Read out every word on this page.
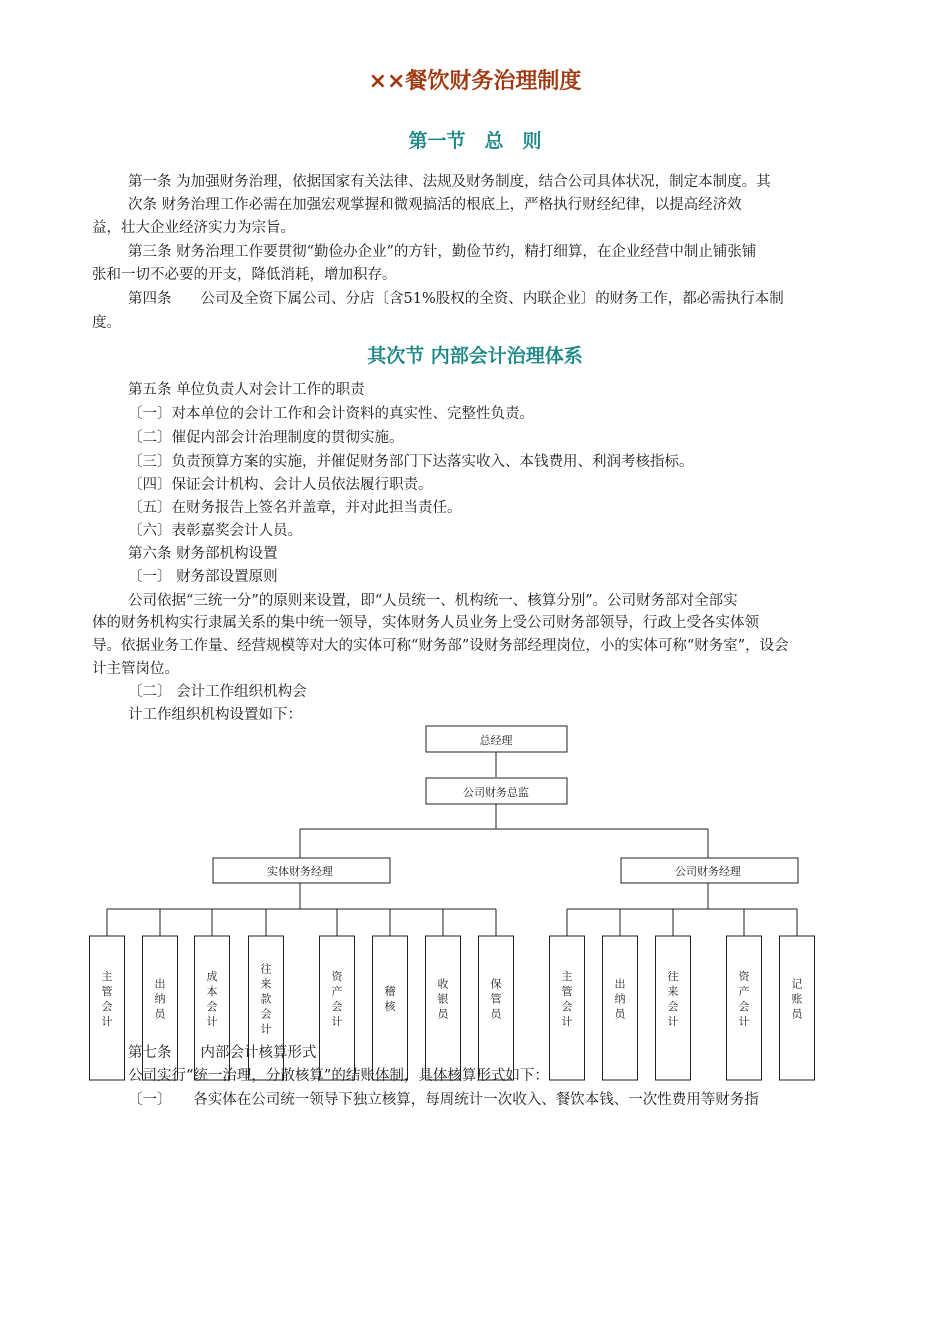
××餐饮财务治理制度
第一节　总　则

第一条 为加强财务治理，依据国家有关法律、法规及财务制度，结合公司具体状况，制定本制度。其

次条 财务治理工作必需在加强宏观掌握和微观搞活的根底上，严格执行财经纪律，以提高经济效

益，壮大企业经济实力为宗旨。

第三条 财务治理工作要贯彻“勤俭办企业”的方针，勤俭节约，精打细算，在企业经营中制止铺张铺

张和一切不必要的开支，降低消耗，增加积存。

第四条　　公司及全资下属公司、分店〔含51%股权的全资、内联企业〕的财务工作，都必需执行本制

度。

其次节 内部会计治理体系

第五条 单位负责人对会计工作的职责

〔一〕对本单位的会计工作和会计资料的真实性、完整性负责。

〔二〕催促内部会计治理制度的贯彻实施。

〔三〕负责预算方案的实施，并催促财务部门下达落实收入、本钱费用、利润考核指标。

〔四〕保证会计机构、会计人员依法履行职责。

〔五〕在财务报告上签名并盖章，并对此担当责任。

〔六〕表彰嘉奖会计人员。

第六条 财务部机构设置

〔一〕 财务部设置原则

公司依据“三统一分”的原则来设置，即“人员统一、机构统一、核算分别”。公司财务部对全部实

体的财务机构实行隶属关系的集中统一领导，实体财务人员业务上受公司财务部领导，行政上受各实体领

导。依据业务工作量、经营规模等对大的实体可称“财务部”设财务部经理岗位，小的实体可称“财务室”，设会

计主管岗位。

〔二〕 会计工作组织机构会

计工作组织机构设置如下：

总经理
公司财务总监
实体财务经理	公司财务经理
主管会计
出纳员
成本会计
往来款会计
资产会计
稽核
收银员
保管员
主管会计
出纳员
往来会计
资产会计
记账员

第七条　　内部会计核算形式

公司实行“统一治理，分散核算”的结账体制，具体核算形式如下：

〔一〕　　各实体在公司统一领导下独立核算，每周统计一次收入、餐饮本钱、一次性费用等财务指
